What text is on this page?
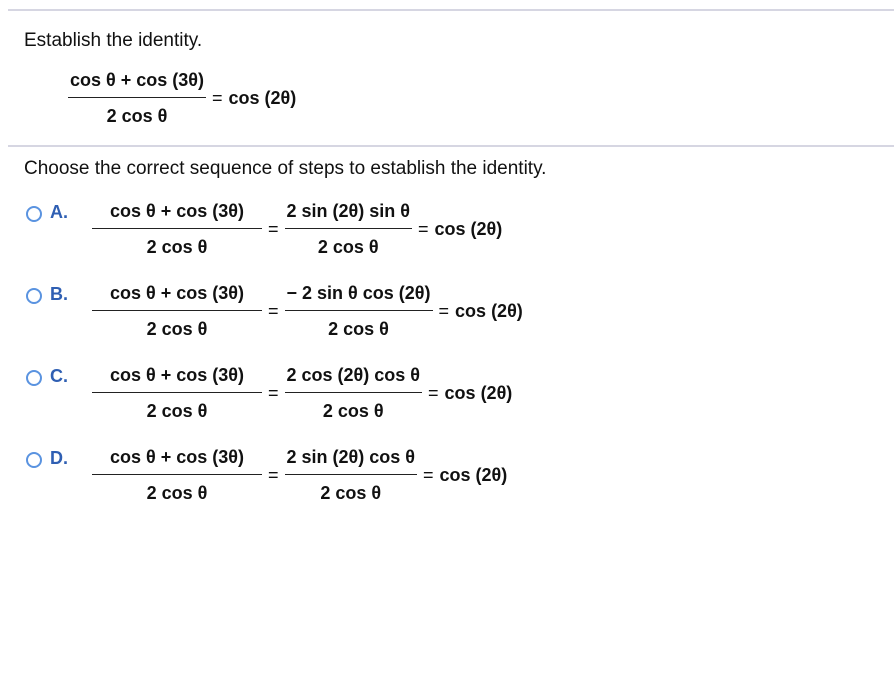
Establish the identity.
$\frac{\text{cos θ + cos (3θ)}}{\text{2 cos θ}} = \cos (2\theta)$
Choose the correct sequence of steps to establish the identity.
A.	$\frac{\text{cos θ + cos (3θ)}}{\text{2 cos θ}} = \frac{\text{2 sin (2θ) sin θ}}{\text{2 cos θ}} = \cos (2\theta)$
B.	$\frac{\text{cos θ + cos (3θ)}}{\text{2 cos θ}} = \frac{\text{− 2 sin θ cos (2θ)}}{\text{2 cos θ}} = \cos (2\theta)$
C.	$\frac{\text{cos θ + cos (3θ)}}{\text{2 cos θ}} = \frac{\text{2 cos (2θ) cos θ}}{\text{2 cos θ}} = \cos (2\theta)$
D.	$\frac{\text{cos θ + cos (3θ)}}{\text{2 cos θ}} = \frac{\text{2 sin (2θ) cos θ}}{\text{2 cos θ}} = \cos (2\theta)$
